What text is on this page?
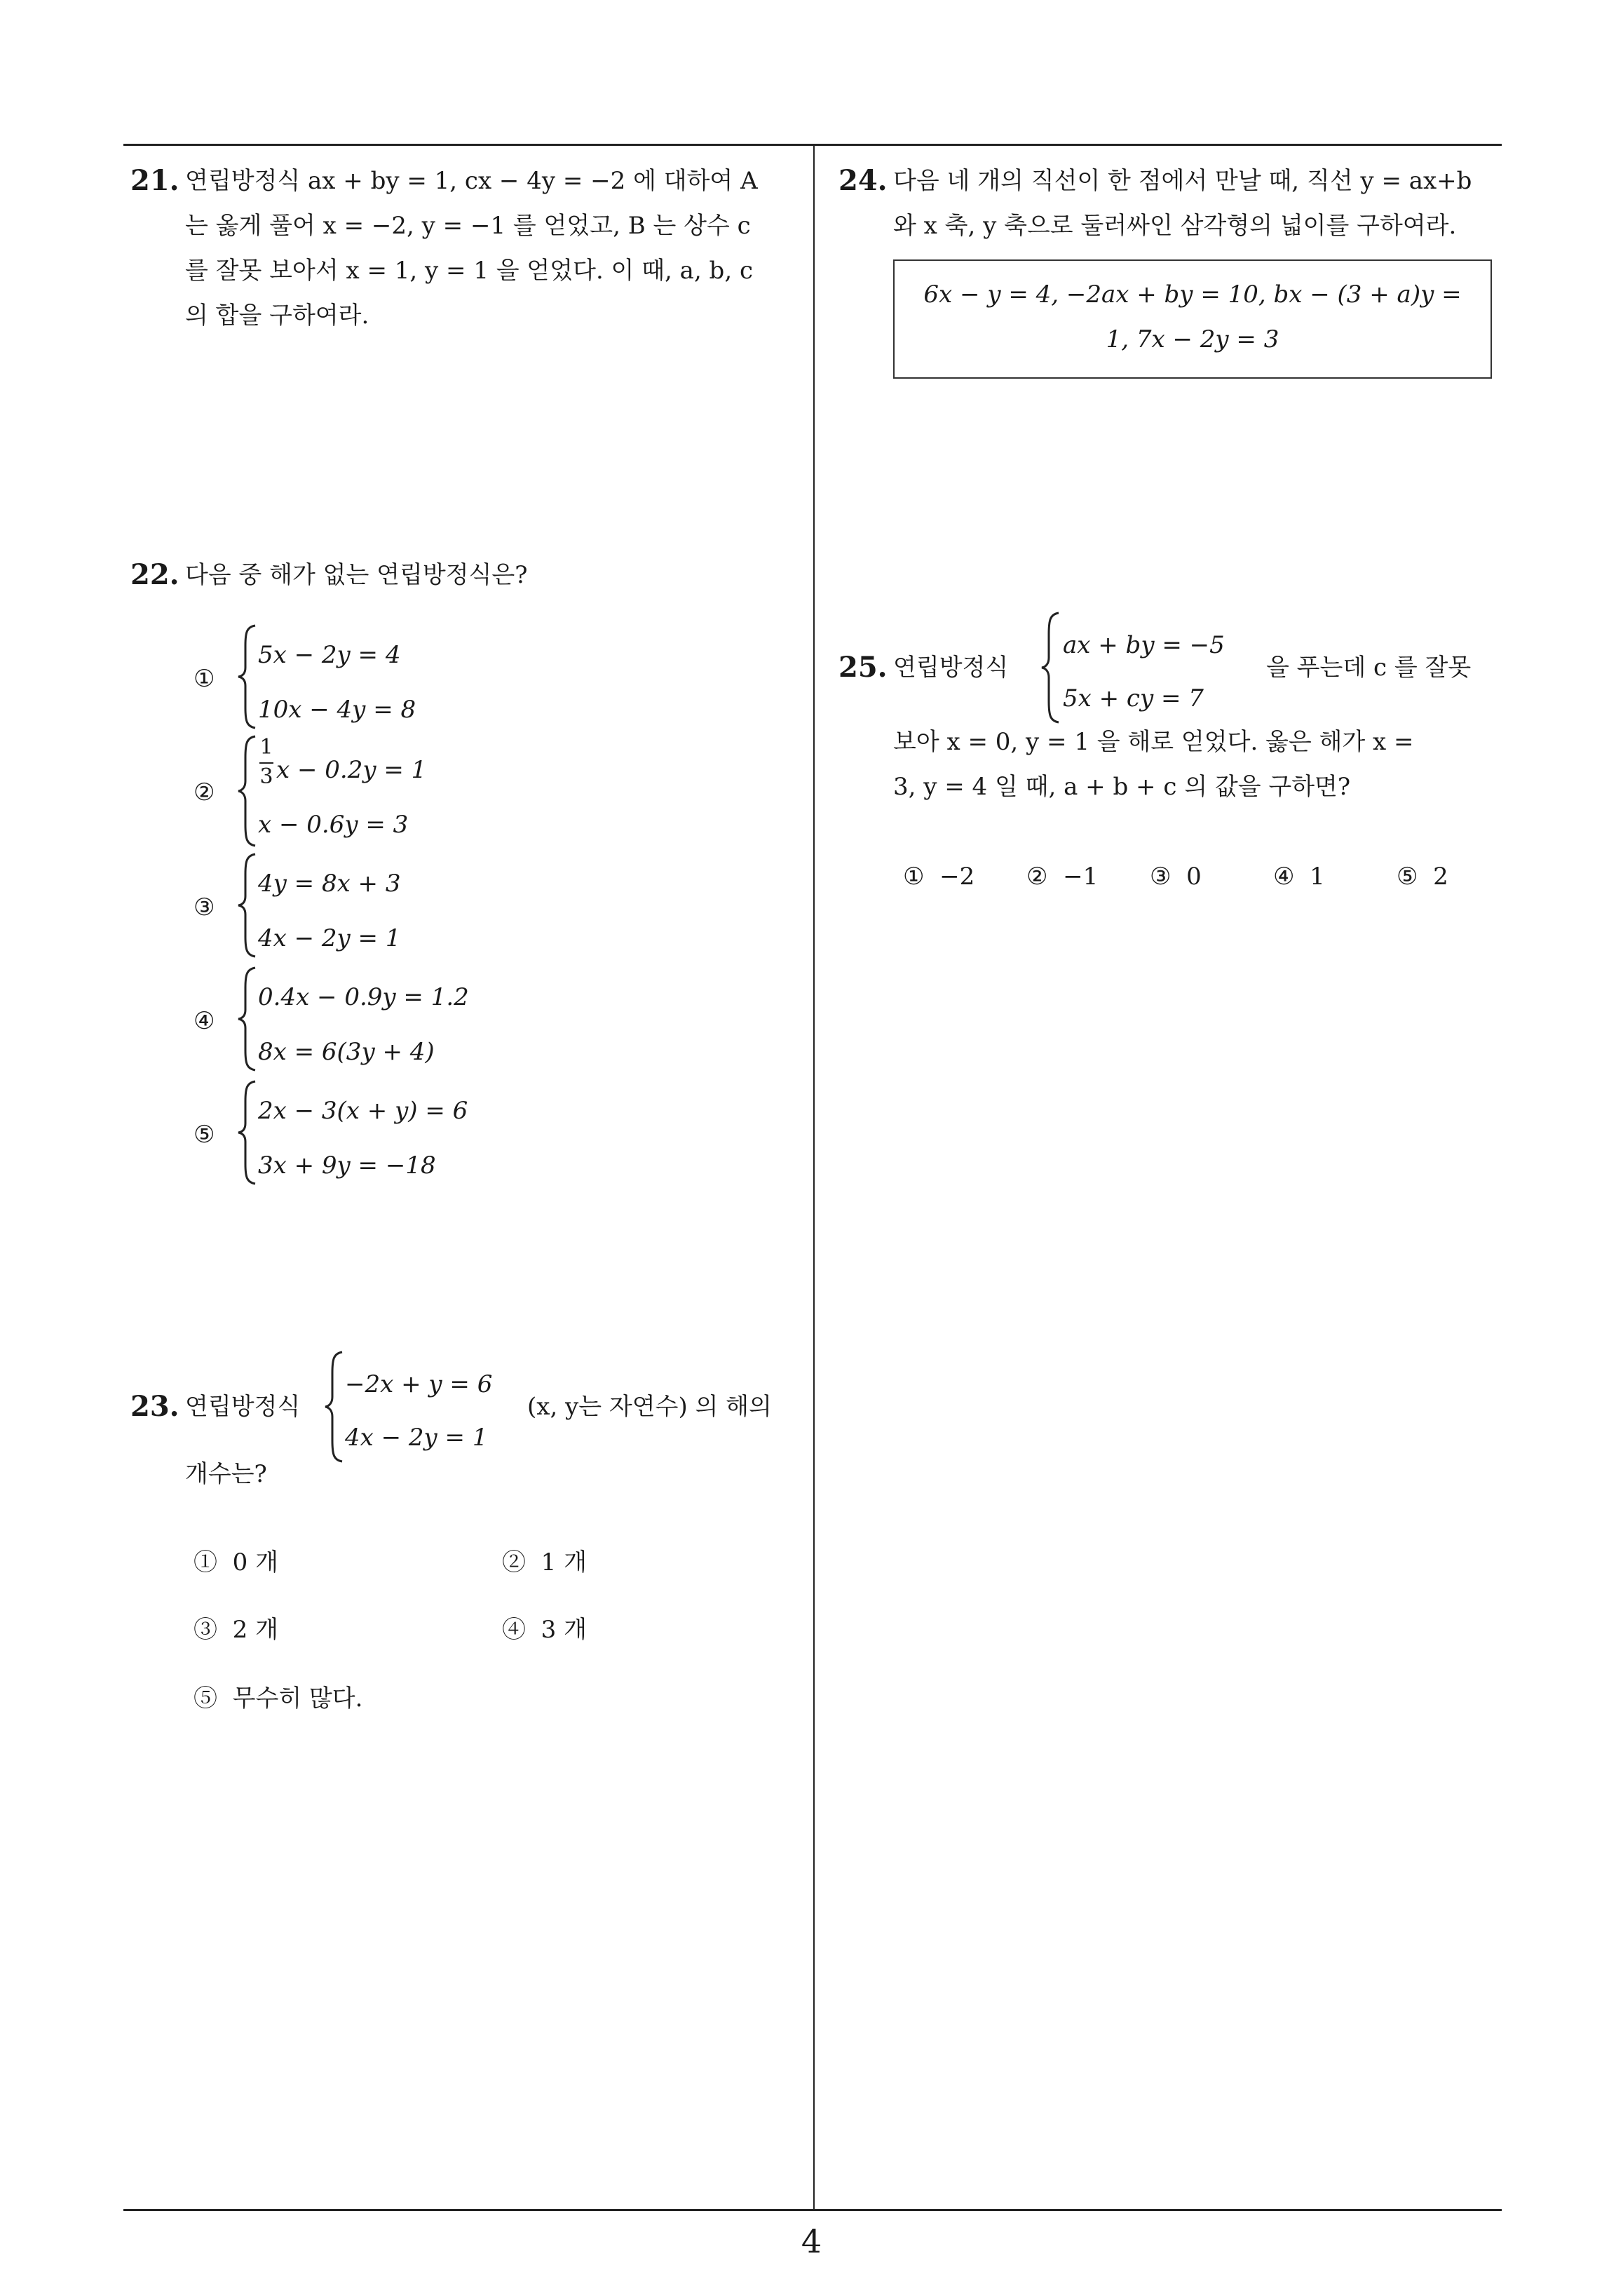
21. 연립방정식 ax + by = 1, cx − 4y = −2 에 대하여 A
는 옳게 풀어 x = −2, y = −1 를 얻었고, B 는 상수 c
를 잘못 보아서 x = 1, y = 1 을 얻었다. 이 때, a, b, c
의 합을 구하여라.
22. 다음 중 해가 없는 연립방정식은?
①
5x − 2y = 4
10x − 4y = 8
②
1
3 x − 0.2y = 1
x − 0.6y = 3
③
4y = 8x + 3
4x − 2y = 1
④
0.4x − 0.9y = 1.2
8x = 6(3y + 4)
⑤
2x − 3(x + y) = 6
3x + 9y = −18
23. 연립방정식
−2x + y = 6
4x − 2y = 1
(x, y는 자연수) 의 해의
개수는?
① 0 개	② 1 개
③ 2 개	④ 3 개
⑤ 무수히 많다.
24. 다음 네 개의 직선이 한 점에서 만날 때, 직선 y = ax+b
와 x 축, y 축으로 둘러싸인 삼각형의 넓이를 구하여라.
6x − y = 4, −2ax + by = 10, bx − (3 + a)y =
1, 7x − 2y = 3
25. 연립방정식
ax + by = −5
5x + cy = 7
을 푸는데 c 를 잘못
보아 x = 0, y = 1 을 해로 얻었다. 옳은 해가 x =
3, y = 4 일 때, a + b + c 의 값을 구하면?
① −2 ② −1 ③ 0	④ 1	⑤ 2
4
